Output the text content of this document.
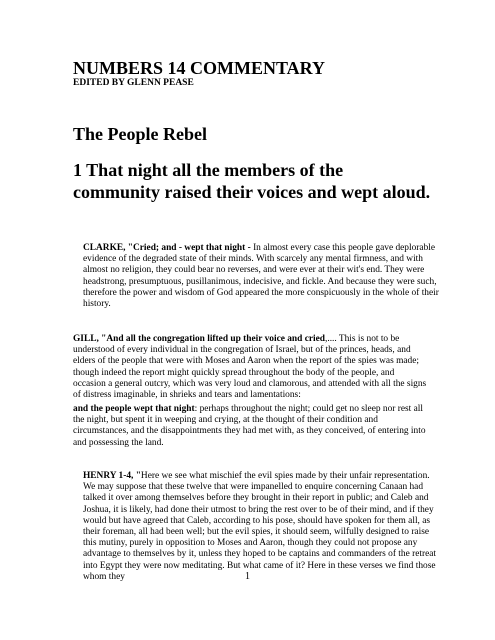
NUMBERS 14 COMMENTARY
EDITED BY GLENN PEASE
The People Rebel
1 That night all the members of the community raised their voices and wept aloud.
CLARKE, "Cried; and - wept that night - In almost every case this people gave deplorable evidence of the degraded state of their minds. With scarcely any mental firmness, and with almost no religion, they could bear no reverses, and were ever at their wit's end. They were headstrong, presumptuous, pusillanimous, indecisive, and fickle. And because they were such, therefore the power and wisdom of God appeared the more conspicuously in the whole of their history.
GILL, "And all the congregation lifted up their voice and cried,.... This is not to be understood of every individual in the congregation of Israel, but of the princes, heads, and elders of the people that were with Moses and Aaron when the report of the spies was made; though indeed the report might quickly spread throughout the body of the people, and occasion a general outcry, which was very loud and clamorous, and attended with all the signs of distress imaginable, in shrieks and tears and lamentations:
and the people wept that night: perhaps throughout the night; could get no sleep nor rest all the night, but spent it in weeping and crying, at the thought of their condition and circumstances, and the disappointments they had met with, as they conceived, of entering into and possessing the land.
HENRY 1-4, "Here we see what mischief the evil spies made by their unfair representation. We may suppose that these twelve that were impanelled to enquire concerning Canaan had talked it over among themselves before they brought in their report in public; and Caleb and Joshua, it is likely, had done their utmost to bring the rest over to be of their mind, and if they would but have agreed that Caleb, according to his pose, should have spoken for them all, as their foreman, all had been well; but the evil spies, it should seem, wilfully designed to raise this mutiny, purely in opposition to Moses and Aaron, though they could not propose any advantage to themselves by it, unless they hoped to be captains and commanders of the retreat into Egypt they were now meditating. But what came of it? Here in these verses we find those whom they	1
